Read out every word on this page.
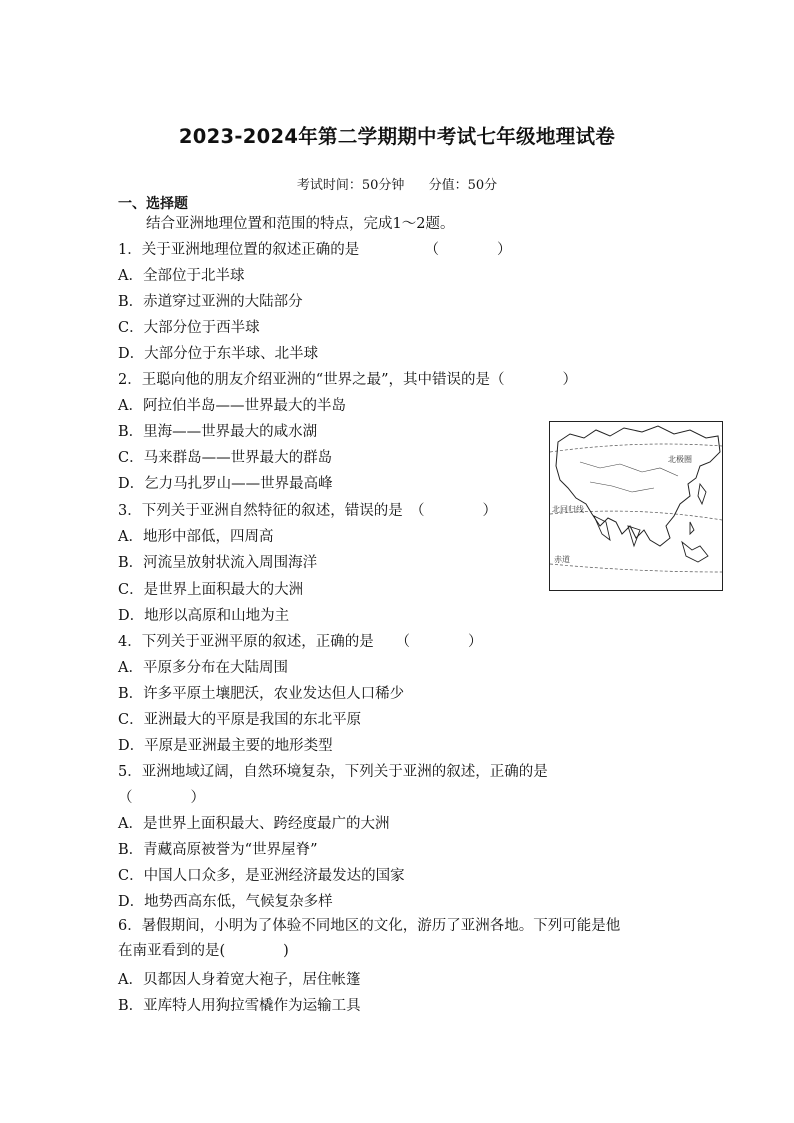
2023-2024年第二学期期中考试七年级地理试卷
考试时间：50分钟 分值：50分
一、选择题
结合亚洲地理位置和范围的特点，完成1～2题。
1．关于亚洲地理位置的叙述正确的是　　　　　（　　　　）
A．全部位于北半球
B．赤道穿过亚洲的大陆部分
C．大部分位于西半球
D．大部分位于东半球、北半球
2．王聪向他的朋友介绍亚洲的“世界之最”，其中错误的是（　　　　）
A．阿拉伯半岛——世界最大的半岛
B．里海——世界最大的咸水湖
C．马来群岛——世界最大的群岛
D．乞力马扎罗山——世界最高峰
3．下列关于亚洲自然特征的叙述，错误的是　（　　　　）
A．地形中部低，四周高
B．河流呈放射状流入周围海洋
C．是世界上面积最大的大洲
D．地形以高原和山地为主
4．下列关于亚洲平原的叙述，正确的是　　（　　　　）
A．平原多分布在大陆周围
B．许多平原土壤肥沃，农业发达但人口稀少
C．亚洲最大的平原是我国的东北平原
D．平原是亚洲最主要的地形类型
5．亚洲地域辽阔，自然环境复杂，下列关于亚洲的叙述，正确的是
（　　　　）
A．是世界上面积最大、跨经度最广的大洲
B．青藏高原被誉为“世界屋脊”
C．中国人口众多，是亚洲经济最发达的国家
D．地势西高东低，气候复杂多样
6．暑假期间，小明为了体验不同地区的文化，游历了亚洲各地。下列可能是他
在南亚看到的是(　　　　)
A．贝都因人身着宽大袍子，居住帐篷
B．亚库特人用狗拉雪橇作为运输工具
北极圈
北回归线
赤道
